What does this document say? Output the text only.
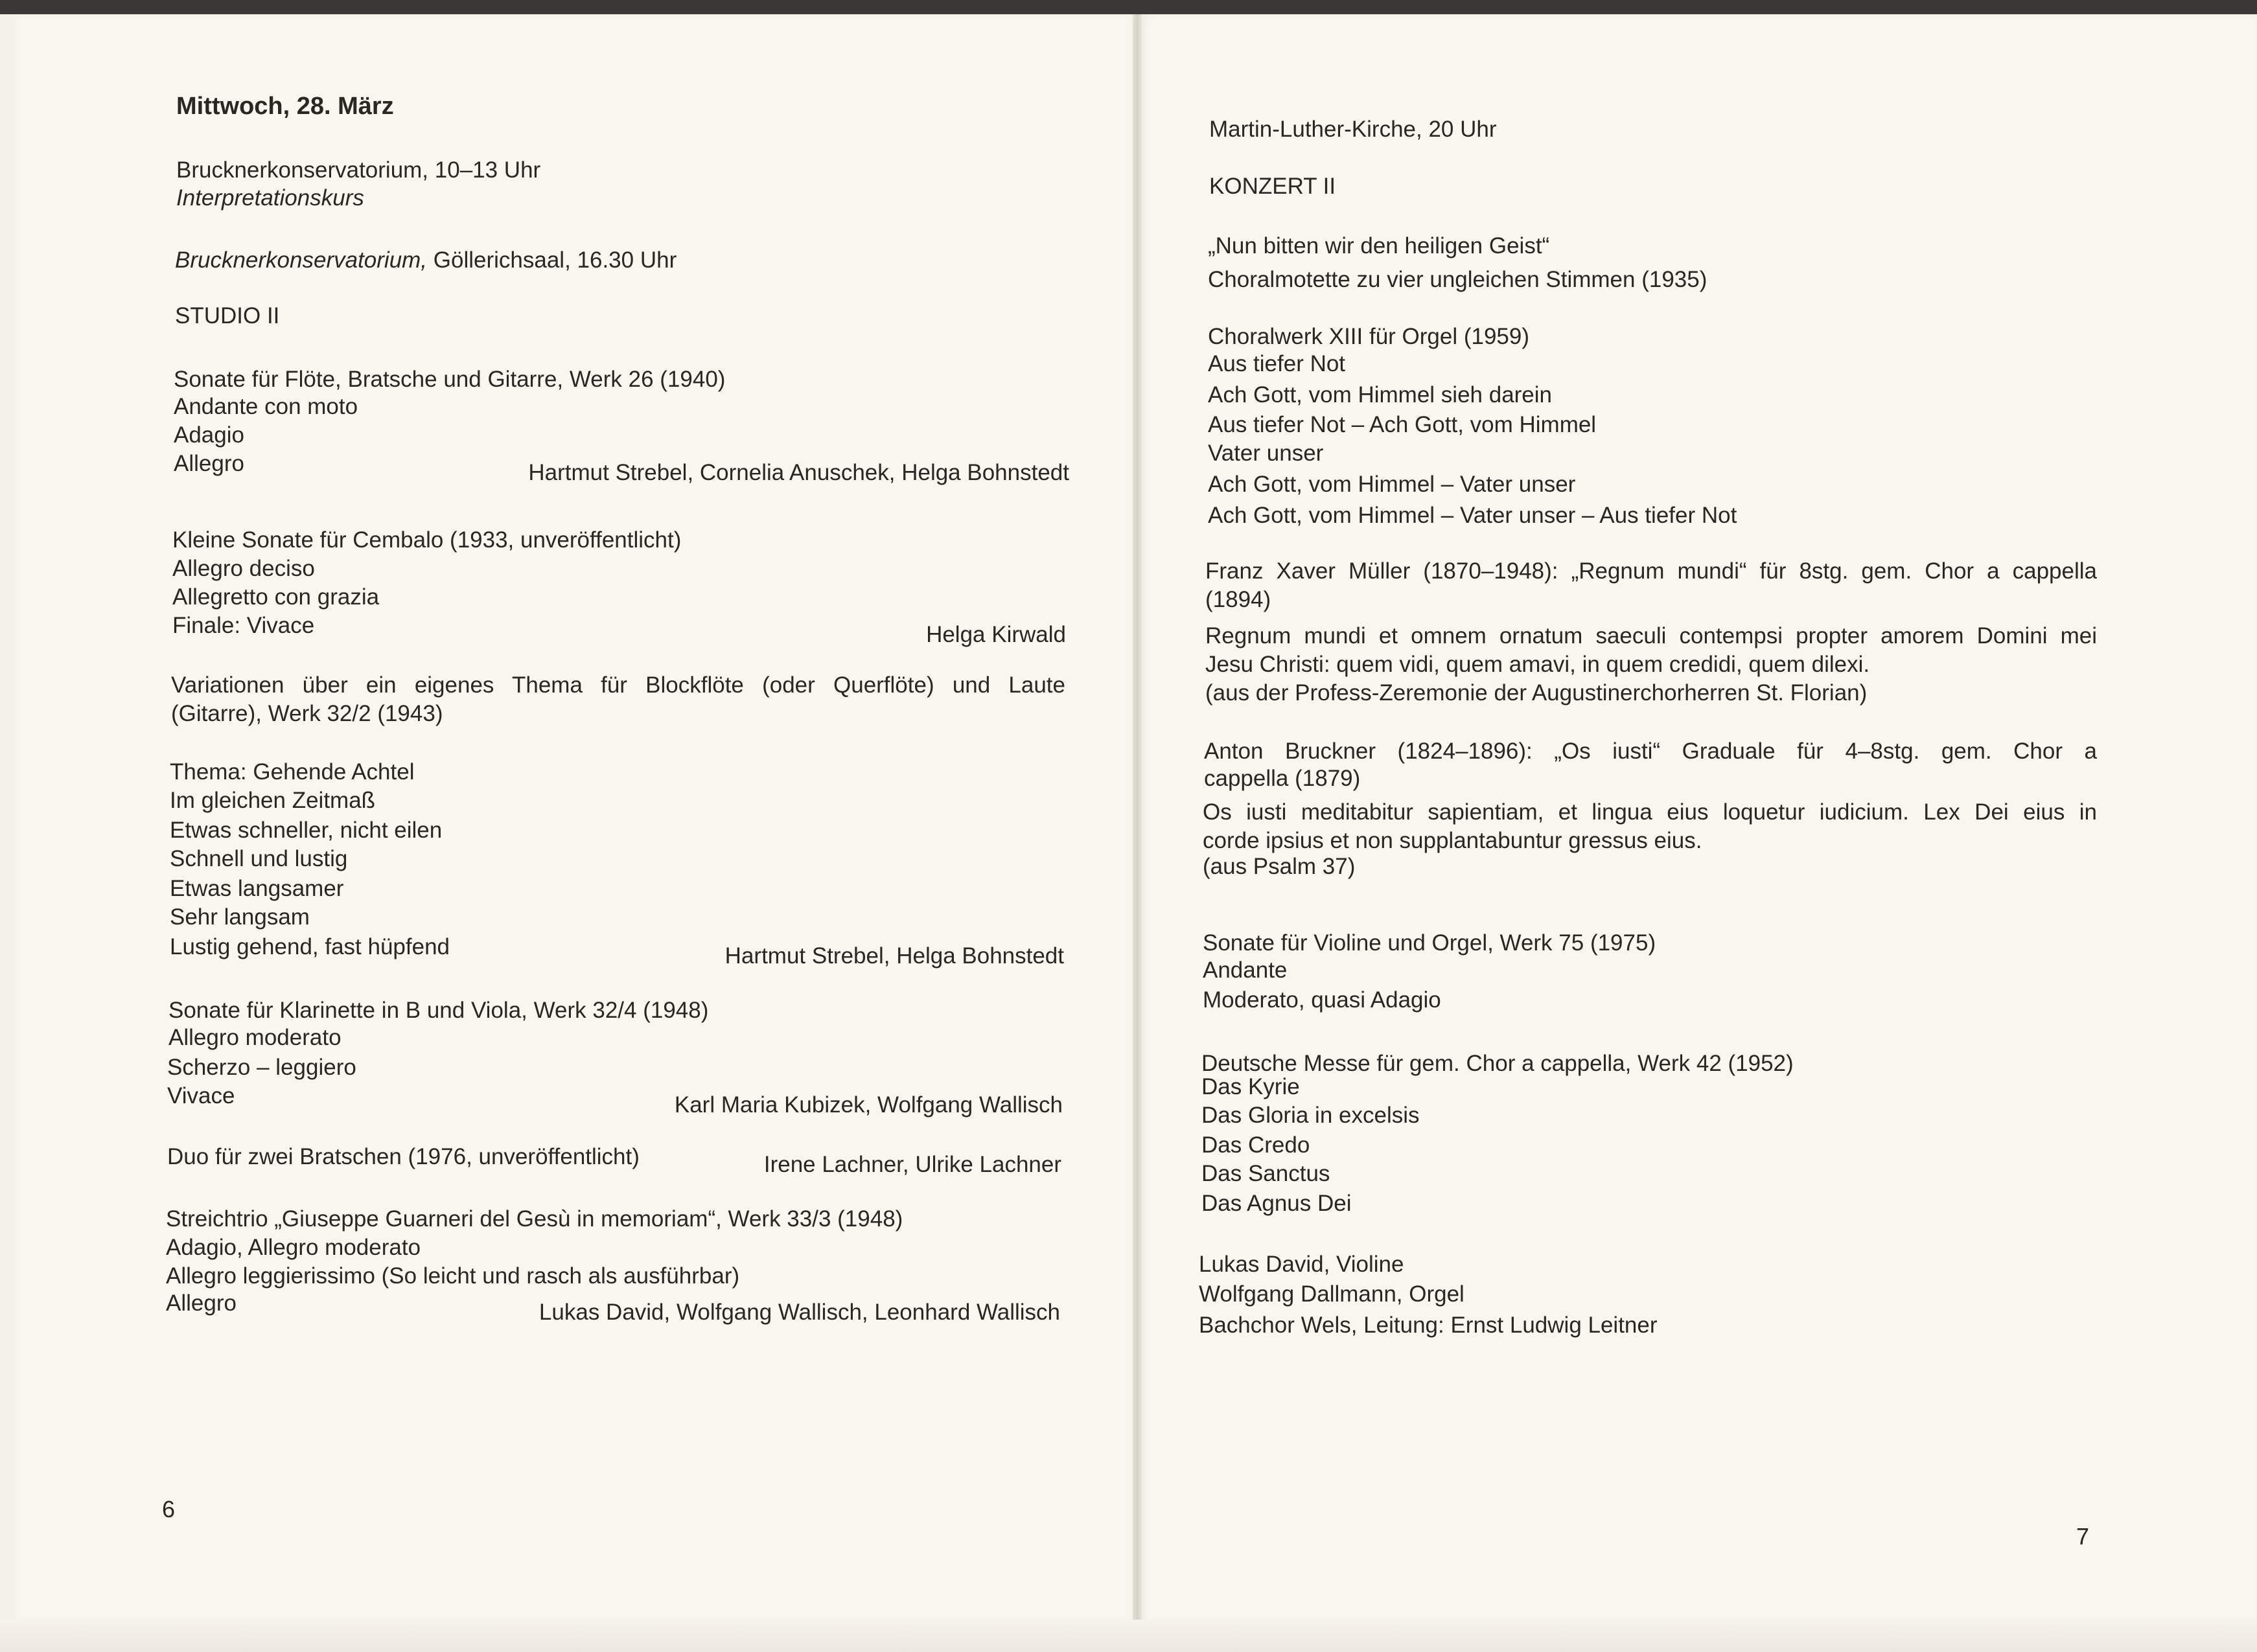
Mittwoch, 28. März
Brucknerkonservatorium, 10–13 Uhr
Interpretationskurs
Brucknerkonservatorium, Göllerichsaal, 16.30 Uhr
STUDIO II
Sonate für Flöte, Bratsche und Gitarre, Werk 26 (1940)
Andante con moto
Adagio
Allegro	Hartmut Strebel, Cornelia Anuschek, Helga Bohnstedt
Kleine Sonate für Cembalo (1933, unveröffentlicht)
Allegro deciso
Allegretto con grazia
Finale: Vivace	Helga Kirwald
Variationen über ein eigenes Thema für Blockflöte (oder Querflöte) und Laute
(Gitarre), Werk 32/2 (1943)
Thema: Gehende Achtel
Im gleichen Zeitmaß
Etwas schneller, nicht eilen
Schnell und lustig
Etwas langsamer
Sehr langsam
Lustig gehend, fast hüpfend	Hartmut Strebel, Helga Bohnstedt
Sonate für Klarinette in B und Viola, Werk 32/4 (1948)
Allegro moderato
Scherzo – leggiero
Vivace	Karl Maria Kubizek, Wolfgang Wallisch
Duo für zwei Bratschen (1976, unveröffentlicht)	Irene Lachner, Ulrike Lachner
Streichtrio „Giuseppe Guarneri del Gesù in memoriam“, Werk 33/3 (1948)
Adagio, Allegro moderato
Allegro leggierissimo (So leicht und rasch als ausführbar)
Allegro	Lukas David, Wolfgang Wallisch, Leonhard Wallisch
6
Martin-Luther-Kirche, 20 Uhr
KONZERT II
„Nun bitten wir den heiligen Geist“
Choralmotette zu vier ungleichen Stimmen (1935)
Choralwerk XIII für Orgel (1959)
Aus tiefer Not
Ach Gott, vom Himmel sieh darein
Aus tiefer Not – Ach Gott, vom Himmel
Vater unser
Ach Gott, vom Himmel – Vater unser
Ach Gott, vom Himmel – Vater unser – Aus tiefer Not
Franz Xaver Müller (1870–1948): „Regnum mundi“ für 8stg. gem. Chor a cappella
(1894)
Regnum mundi et omnem ornatum saeculi contempsi propter amorem Domini mei
Jesu Christi: quem vidi, quem amavi, in quem credidi, quem dilexi.
(aus der Profess-Zeremonie der Augustinerchorherren St. Florian)
Anton Bruckner (1824–1896): „Os iusti“ Graduale für 4–8stg. gem. Chor a
cappella (1879)
Os iusti meditabitur sapientiam, et lingua eius loquetur iudicium. Lex Dei eius in
corde ipsius et non supplantabuntur gressus eius.
(aus Psalm 37)
Sonate für Violine und Orgel, Werk 75 (1975)
Andante
Moderato, quasi Adagio
Deutsche Messe für gem. Chor a cappella, Werk 42 (1952)
Das Kyrie
Das Gloria in excelsis
Das Credo
Das Sanctus
Das Agnus Dei
Lukas David, Violine
Wolfgang Dallmann, Orgel
Bachchor Wels, Leitung: Ernst Ludwig Leitner
7
